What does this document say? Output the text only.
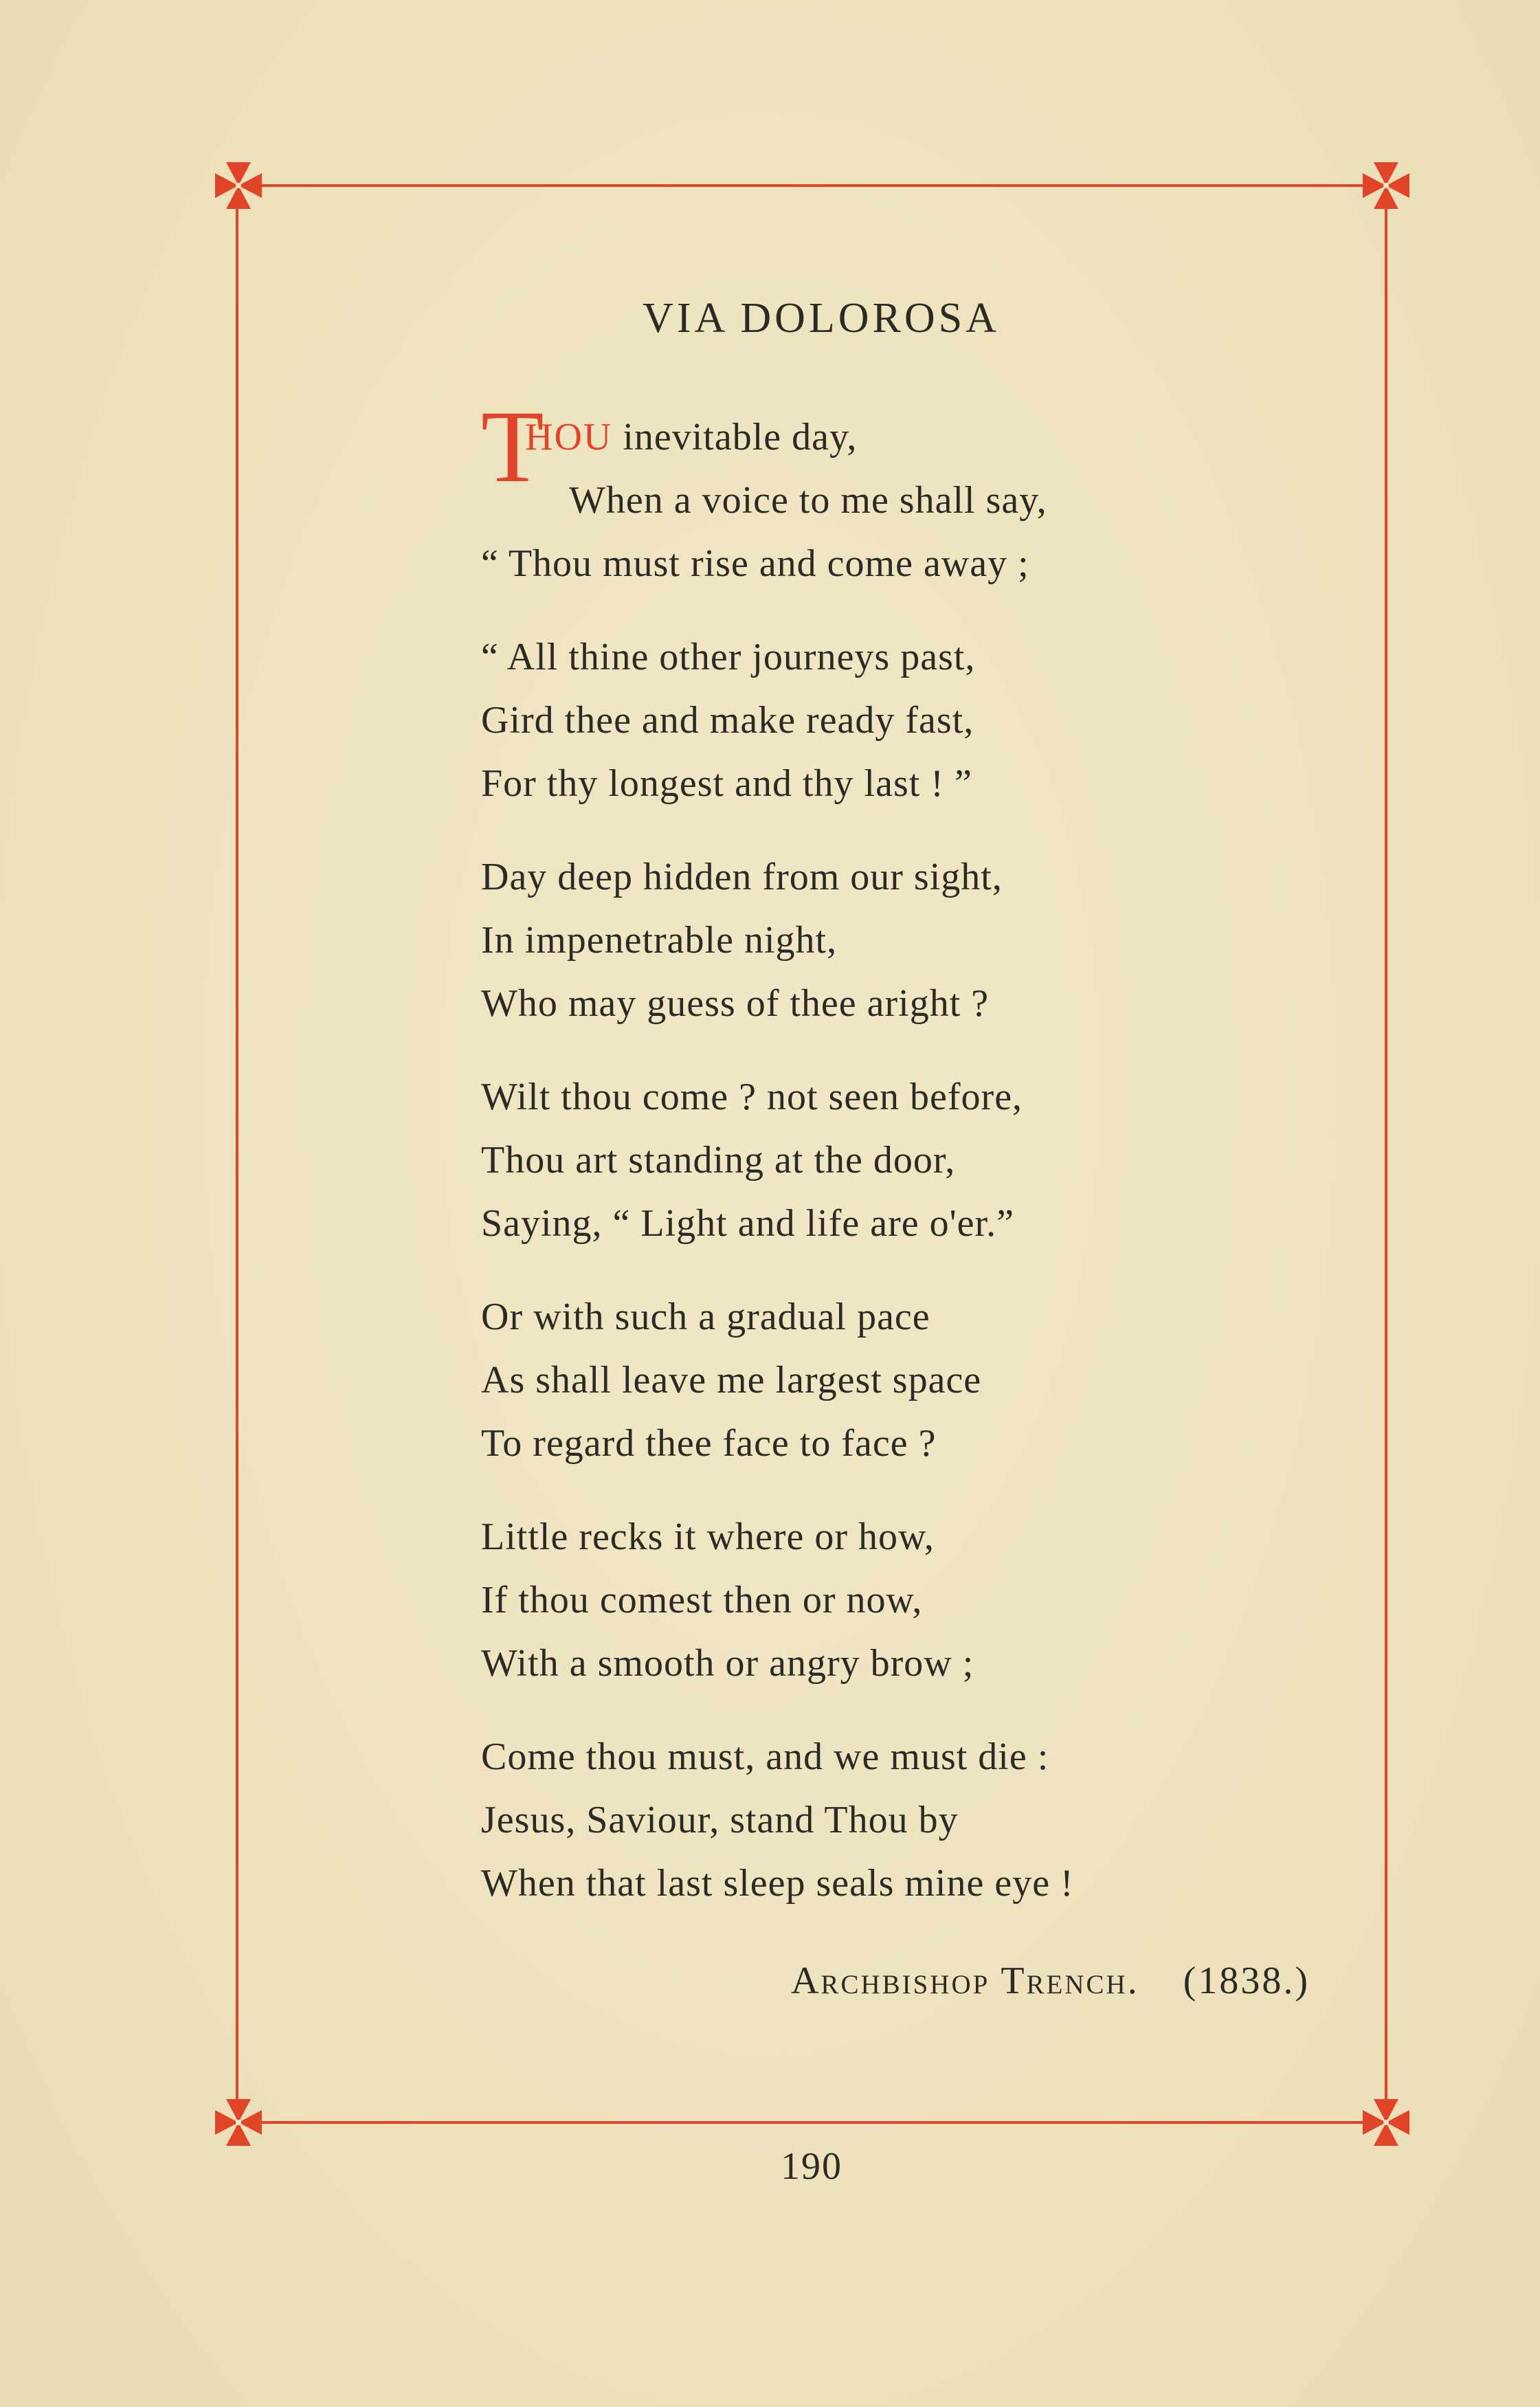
VIA DOLOROSA
THOU inevitable day,
When a voice to me shall say,
“ Thou must rise and come away ;
“ All thine other journeys past,
Gird thee and make ready fast,
For thy longest and thy last ! ”
Day deep hidden from our sight,
In impenetrable night,
Who may guess of thee aright ?
Wilt thou come ? not seen before,
Thou art standing at the door,
Saying, “ Light and life are o'er.”
Or with such a gradual pace
As shall leave me largest space
To regard thee face to face ?
Little recks it where or how,
If thou comest then or now,
With a smooth or angry brow ;
Come thou must, and we must die :
Jesus, Saviour, stand Thou by
When that last sleep seals mine eye !
Archbishop Trench. (1838.)
190
